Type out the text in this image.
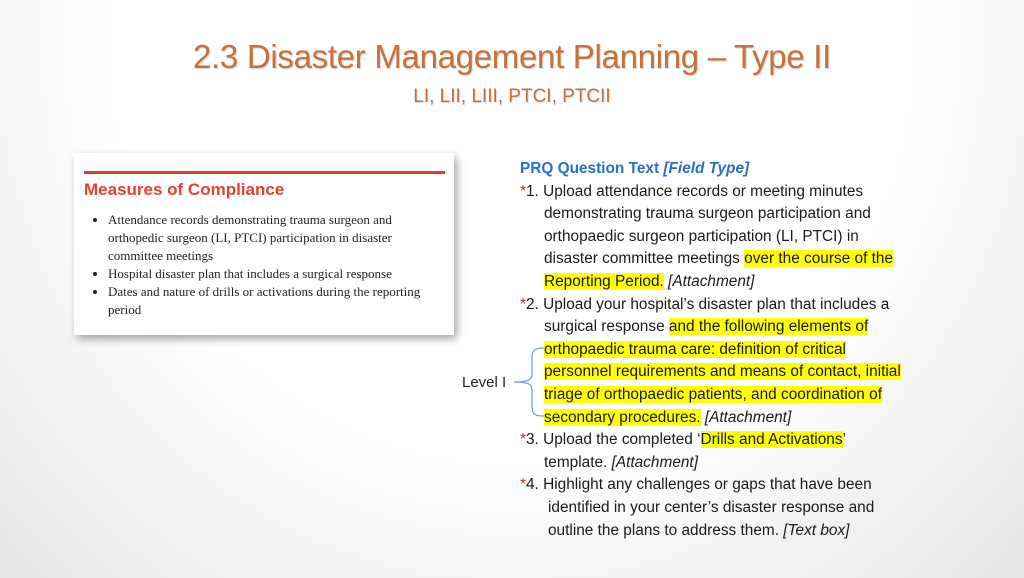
2.3 Disaster Management Planning – Type II
LI, LII, LIII, PTCI, PTCII
Measures of Compliance
• Attendance records demonstrating trauma surgeon and orthopedic surgeon (LI, PTCI) participation in disaster committee meetings
• Hospital disaster plan that includes a surgical response
• Dates and nature of drills or activations during the reporting period
PRQ Question Text [Field Type]
*1. Upload attendance records or meeting minutes
demonstrating trauma surgeon participation and
orthopaedic surgeon participation (LI, PTCI) in
disaster committee meetings over the course of the
Reporting Period. [Attachment]
*2. Upload your hospital’s disaster plan that includes a
surgical response and the following elements of
orthopaedic trauma care: definition of critical
personnel requirements and means of contact, initial
triage of orthopaedic patients, and coordination of
secondary procedures. [Attachment]
*3. Upload the completed ‘Drills and Activations’
template. [Attachment]
*4. Highlight any challenges or gaps that have been
identified in your center’s disaster response and
outline the plans to address them. [Text box]
Level I
